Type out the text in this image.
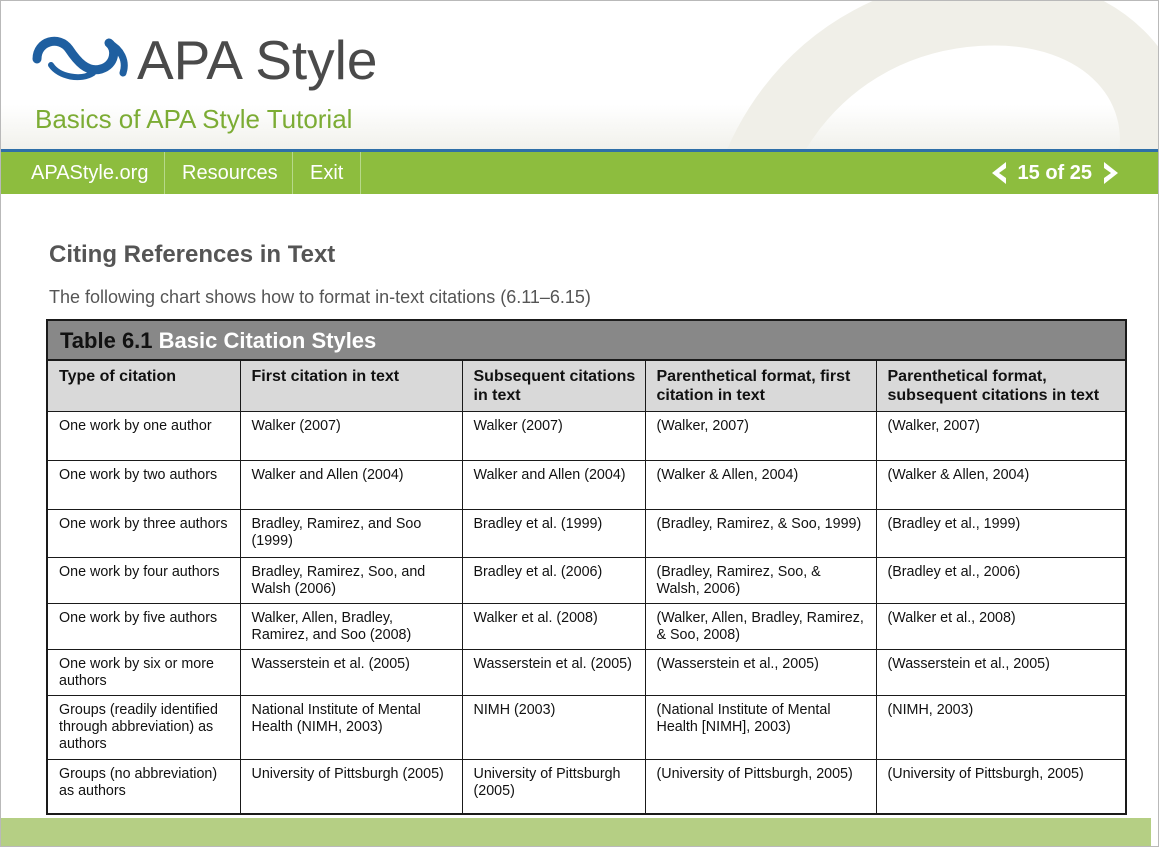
APA Style
Basics of APA Style Tutorial
APAStyle.org	Resources	Exit	15 of 25
Citing References in Text
The following chart shows how to format in-text citations (6.11–6.15)
Table 6.1 Basic Citation Styles
Type of citation	First citation in text	Subsequent citations in text	Parenthetical format, first citation in text	Parenthetical format, subsequent citations in text
One work by one author	Walker (2007)	Walker (2007)	(Walker, 2007)	(Walker, 2007)
One work by two authors	Walker and Allen (2004)	Walker and Allen (2004)	(Walker & Allen, 2004)	(Walker & Allen, 2004)
One work by three authors	Bradley, Ramirez, and Soo (1999)	Bradley et al. (1999)	(Bradley, Ramirez, & Soo, 1999)	(Bradley et al., 1999)
One work by four authors	Bradley, Ramirez, Soo, and Walsh (2006)	Bradley et al. (2006)	(Bradley, Ramirez, Soo, & Walsh, 2006)	(Bradley et al., 2006)
One work by five authors	Walker, Allen, Bradley, Ramirez, and Soo (2008)	Walker et al. (2008)	(Walker, Allen, Bradley, Ramirez, & Soo, 2008)	(Walker et al., 2008)
One work by six or more authors	Wasserstein et al. (2005)	Wasserstein et al. (2005)	(Wasserstein et al., 2005)	(Wasserstein et al., 2005)
Groups (readily identified through abbreviation) as authors	National Institute of Mental Health (NIMH, 2003)	NIMH (2003)	(National Institute of Mental Health [NIMH], 2003)	(NIMH, 2003)
Groups (no abbreviation) as authors	University of Pittsburgh (2005)	University of Pittsburgh (2005)	(University of Pittsburgh, 2005)	(University of Pittsburgh, 2005)
